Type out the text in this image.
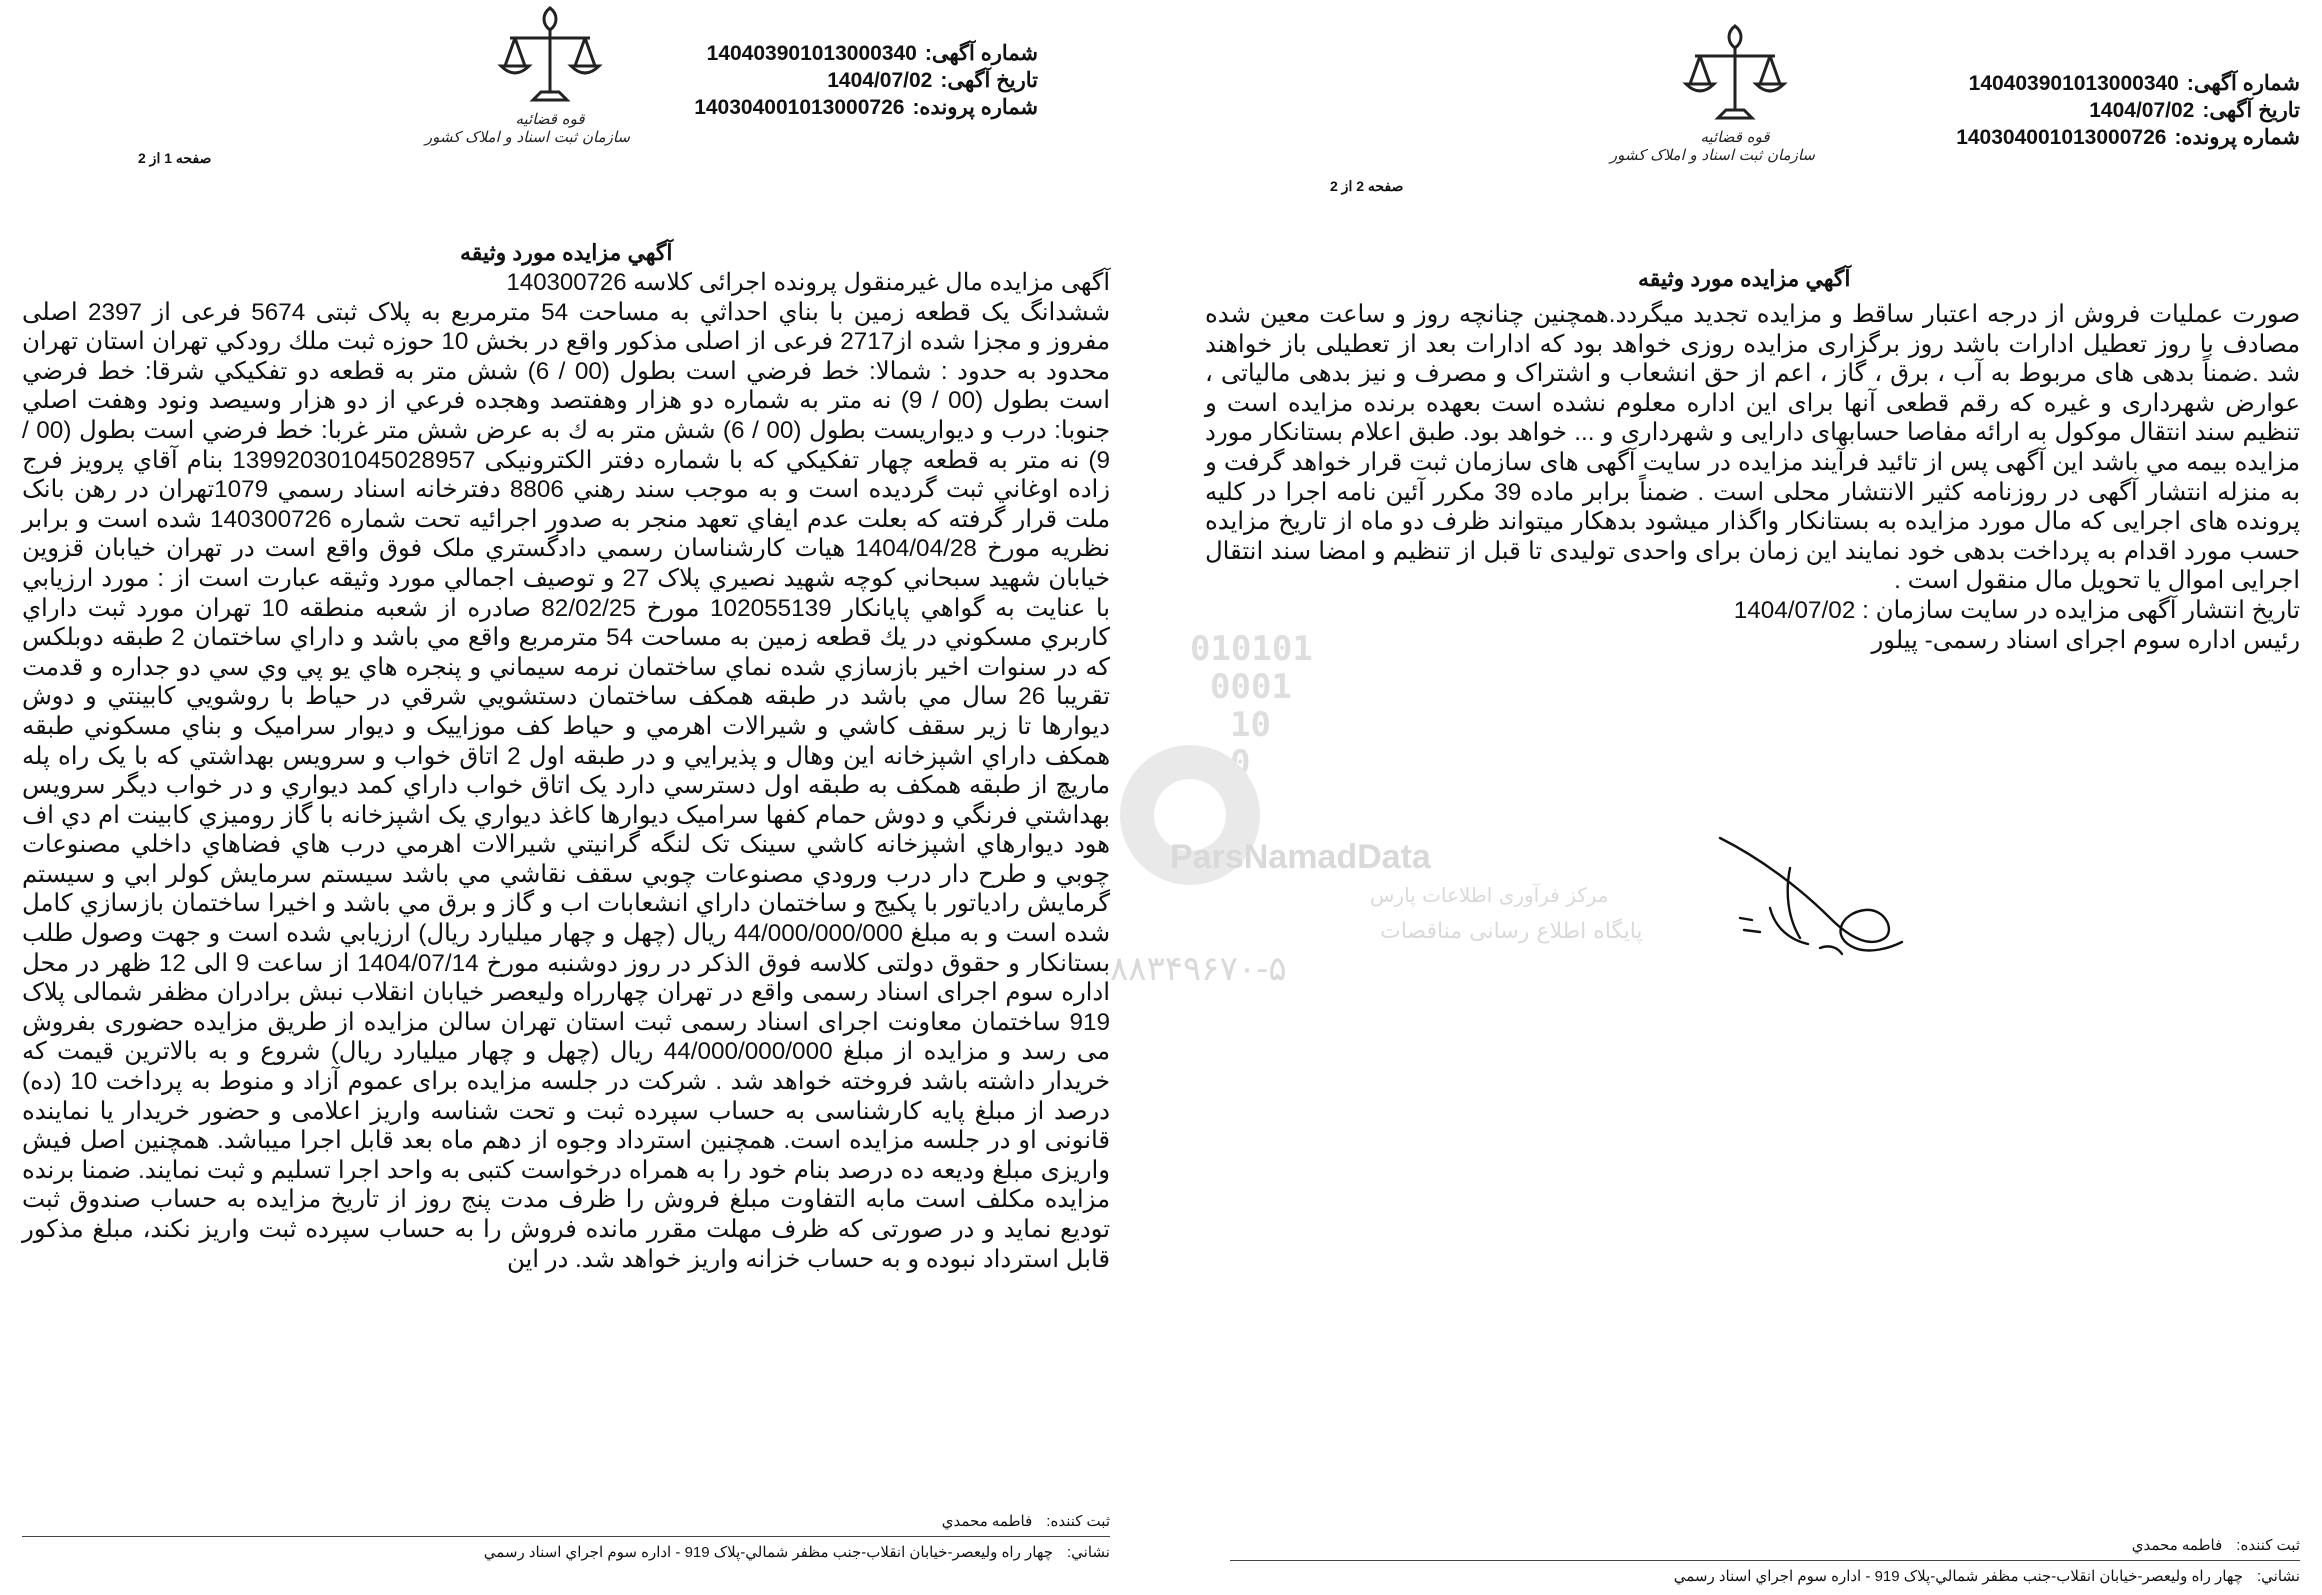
شماره آگهی:140403901013000340
تاریخ آگهی:1404/07/02
شماره پرونده:140304001013000726
قوه قضائیه
سازمان ثبت اسناد و املاک کشور
صفحه 1 از 2
آگهي مزايده مورد وثيقه

آگهی مزایده مال غیرمنقول پرونده اجرائی کلاسه 140300726

ششدانگ یک قطعه زمین با بناي احداثي به مساحت 54 مترمربع به پلاک ثبتی 5674 فرعی از 2397 اصلی مفروز و مجزا شده از2717 فرعی از اصلی مذکور واقع در بخش 10 حوزه ثبت ملك رودكي تهران استان تهران محدود به حدود : شمالا: خط فرضي است بطول (00 / 6) شش متر به قطعه دو تفكيكي شرقا: خط فرضي است بطول (00 / 9) نه متر به شماره دو هزار وهفتصد وهجده فرعي از دو هزار وسيصد ونود وهفت اصلي جنوبا: درب و ديواريست بطول (00 / 6) شش متر به ك به عرض شش متر غربا: خط فرضي است بطول (00 / 9) نه متر به قطعه چهار تفكيكي كه با شماره دفتر الکترونیکی 139920301045028957 بنام آقاي پرويز فرج زاده اوغاني ثبت گرديده است و به موجب سند رهني 8806 دفترخانه اسناد رسمي 1079تهران در رهن بانک ملت قرار گرفته كه بعلت عدم ايفاي تعهد منجر به صدور اجرائيه تحت شماره 140300726 شده است و برابر نظريه مورخ 1404/04/28 هيات كارشناسان رسمي دادگستري ملک فوق واقع است در تهران خيابان قزوين خيابان شهيد سبحاني كوچه شهيد نصيري پلاک 27 و توصيف اجمالي مورد وثيقه عبارت است از : مورد ارزيابي با عنايت به گواهي پايانكار 102055139 مورخ 82/02/25 صادره از شعبه منطقه 10 تهران مورد ثبت داراي كاربري مسكوني در يك قطعه زمين به مساحت 54 مترمربع واقع مي باشد و داراي ساختمان 2 طبقه دوبلكس كه در سنوات اخير بازسازي شده نماي ساختمان نرمه سيماني و پنجره هاي يو پي وي سي دو جداره و قدمت تقريبا 26 سال مي باشد در طبقه همكف ساختمان دستشويي شرقي در حياط با روشويي كابينتي و دوش ديوارها تا زير سقف كاشي و شيرالات اهرمي و حياط كف موزاييک و ديوار سراميک و بناي مسكوني طبقه همكف داراي اشپزخانه اين وهال و پذيرايي و در طبقه اول 2 اتاق خواب و سرويس بهداشتي كه با يک راه پله ماريچ از طبقه همكف به طبقه اول دسترسي دارد يک اتاق خواب داراي كمد ديواري و در خواب ديگر سرويس بهداشتي فرنگي و دوش حمام كفها سراميک ديوارها كاغذ ديواري يک اشپزخانه با گاز روميزي كابينت ام دي اف هود ديوارهاي اشپزخانه كاشي سينک تک لنگه گرانيتي شيرالات اهرمي درب هاي فضاهاي داخلي مصنوعات چوبي و طرح دار درب ورودي مصنوعات چوبي سقف نقاشي مي باشد سيستم سرمايش كولر ابي و سيستم گرمايش رادياتور با پكيج و ساختمان داراي انشعابات اب و گاز و برق مي باشد و اخيرا ساختمان بازسازي كامل شده است و به مبلغ 44/000/000/000 ريال (چهل و چهار ميليارد ريال) ارزيابي شده است و جهت وصول طلب بستانكار و حقوق دولتی کلاسه فوق الذکر در روز دوشنبه مورخ 1404/07/14 از ساعت 9 الی 12 ظهر در محل اداره سوم اجرای اسناد رسمی واقع در تهران چهارراه وليعصر خيابان انقلاب نبش برادران مظفر شمالی پلاک 919 ساختمان معاونت اجرای اسناد رسمی ثبت استان تهران سالن مزايده از طريق مزايده حضوری بفروش می رسد و مزايده از مبلغ 44/000/000/000 ريال (چهل و چهار ميليارد ريال) شروع و به بالاترين قيمت كه خريدار داشته باشد فروخته خواهد شد . شرکت در جلسه مزايده برای عموم آزاد و منوط به پرداخت 10 (ده) درصد از مبلغ پايه کارشناسی به حساب سپرده ثبت و تحت شناسه واريز اعلامی و حضور خريدار يا نماينده قانونی او در جلسه مزايده است. همچنين استرداد وجوه از دهم ماه بعد قابل اجرا ميباشد. همچنين اصل فيش واريزی مبلغ وديعه ده درصد بنام خود را به همراه درخواست کتبی به واحد اجرا تسليم و ثبت نمايند. ضمنا برنده مزايده مکلف است مابه التفاوت مبلغ فروش را ظرف مدت پنج روز از تاريخ مزايده به حساب صندوق ثبت توديع نمايد و در صورتی كه ظرف مهلت مقرر مانده فروش را به حساب سپرده ثبت واريز نكند، مبلغ مذكور قابل استرداد نبوده و به حساب خزانه واريز خواهد شد. در اين

ثبت کننده:فاطمه محمدي
نشاني:چهار راه وليعصر-خيابان انقلاب-جنب مظفر شمالي-پلاک 919 - اداره سوم اجراي اسناد رسمي
010101
0001
10
0
ParsNamadData
مرکز فرآوری اطلاعات پارس
پایگاه اطلاع رسانی مناقصات
۸۸۳۴۹۶۷۰-۵
شماره آگهی:140403901013000340
تاریخ آگهی:1404/07/02
شماره پرونده:140304001013000726
قوه قضائیه
سازمان ثبت اسناد و املاک کشور
صفحه 2 از 2
آگهي مزايده مورد وثيقه

صورت عملیات فروش از درجه اعتبار ساقط و مزایده تجدید میگردد.همچنین چنانچه روز و ساعت معین شده مصادف با روز تعطیل ادارات باشد روز برگزاری مزایده روزی خواهد بود که ادارات بعد از تعطیلی باز خواهند شد .ضمناً بدهی های مربوط به آب ، برق ، گاز ، اعم از حق انشعاب و اشتراک و مصرف و نیز بدهی مالیاتی ، عوارض شهرداری و غیره که رقم قطعی آنها برای این اداره معلوم نشده است بعهده برنده مزایده است و تنظیم سند انتقال موکول به ارائه مفاصا حسابهای دارایی و شهرداری و ... خواهد بود. طبق اعلام بستانکار مورد مزایده بیمه مي باشد این آگهی پس از تائید فرآیند مزایده در سایت آگهی های سازمان ثبت قرار خواهد گرفت و به منزله انتشار آگهی در روزنامه کثیر الانتشار محلی است . ضمناً برابر ماده 39 مکرر آئین نامه اجرا در کلیه پرونده های اجرایی که مال مورد مزایده به بستانکار واگذار میشود بدهکار میتواند ظرف دو ماه از تاریخ مزایده حسب مورد اقدام به پرداخت بدهی خود نمایند این زمان برای واحدی تولیدی تا قبل از تنظیم و امضا سند انتقال اجرایی اموال یا تحویل مال منقول است .

تاریخ انتشار آگهی مزایده در سایت سازمان : 1404/07/02

رئیس اداره سوم اجرای اسناد رسمی- پیلور

ثبت کننده:فاطمه محمدي
نشاني:چهار راه وليعصر-خيابان انقلاب-جنب مظفر شمالي-پلاک 919 - اداره سوم اجراي اسناد رسمي
